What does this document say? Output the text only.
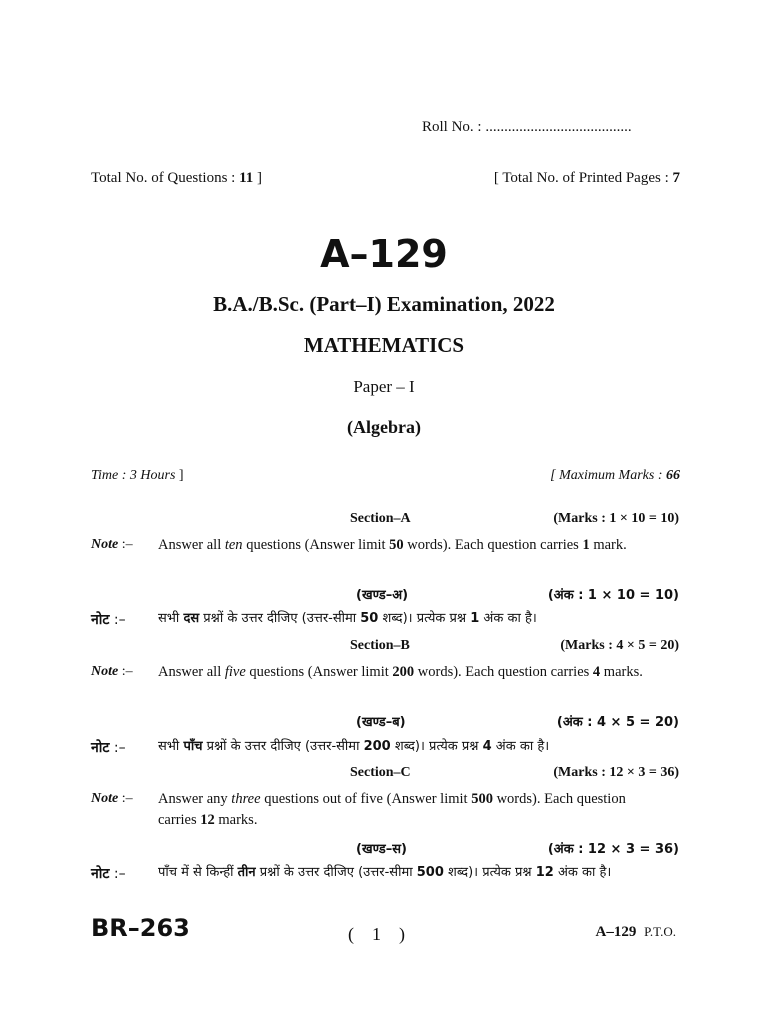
Roll No. : .......................................
Total No. of Questions : 11 ]	[ Total No. of Printed Pages : 7
A–129
B.A./B.Sc. (Part–I) Examination, 2022
MATHEMATICS
Paper – I
(Algebra)
Time : 3 Hours ]	[ Maximum Marks : 66
Section–A	(Marks : 1 × 10 = 10)
Note :– Answer all ten questions (Answer limit 50 words). Each question carries 1 mark.
(खण्ड–अ)	(अंक : 1 × 10 = 10)
नोट :– सभी दस प्रश्नों के उत्तर दीजिए (उत्तर-सीमा 50 शब्द)। प्रत्येक प्रश्न 1 अंक का है।
Section–B	(Marks : 4 × 5 = 20)
Note :– Answer all five questions (Answer limit 200 words). Each question carries 4 marks.
(खण्ड–ब)	(अंक : 4 × 5 = 20)
नोट :– सभी पाँच प्रश्नों के उत्तर दीजिए (उत्तर-सीमा 200 शब्द)। प्रत्येक प्रश्न 4 अंक का है।
Section–C	(Marks : 12 × 3 = 36)
Note :– Answer any three questions out of five (Answer limit 500 words). Each question carries 12 marks.
(खण्ड–स)	(अंक : 12 × 3 = 36)
नोट :– पाँच में से किन्हीं तीन प्रश्नों के उत्तर दीजिए (उत्तर-सीमा 500 शब्द)। प्रत्येक प्रश्न 12 अंक का है।
BR–263	(    1    )	A–129 P.T.O.
